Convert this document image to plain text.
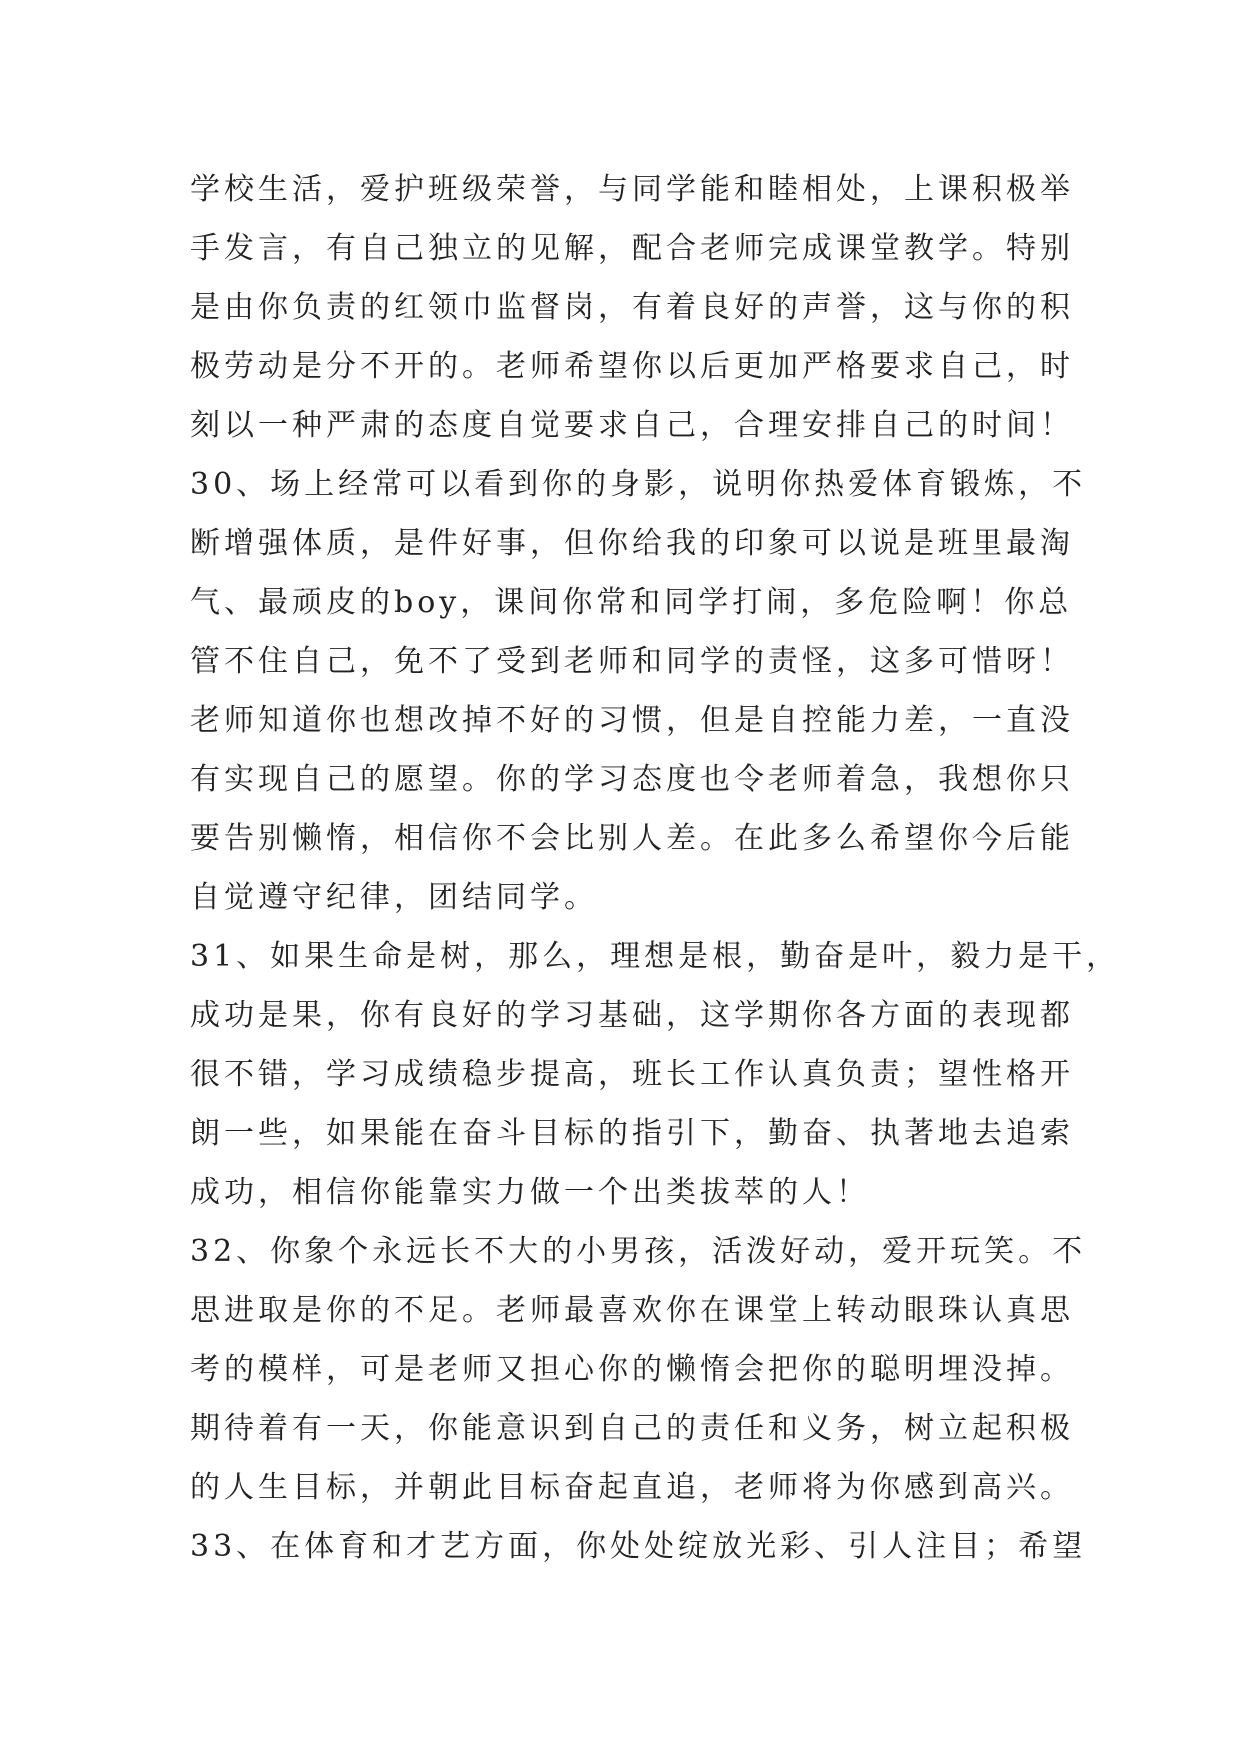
学校生活，爱护班级荣誉，与同学能和睦相处，上课积极举
手发言，有自己独立的见解，配合老师完成课堂教学。特别
是由你负责的红领巾监督岗，有着良好的声誉，这与你的积
极劳动是分不开的。老师希望你以后更加严格要求自己，时
刻以一种严肃的态度自觉要求自己，合理安排自己的时间！
30、场上经常可以看到你的身影，说明你热爱体育锻炼，不
断增强体质，是件好事，但你给我的印象可以说是班里最淘
气、最顽皮的boy，课间你常和同学打闹，多危险啊！你总
管不住自己，免不了受到老师和同学的责怪，这多可惜呀！
老师知道你也想改掉不好的习惯，但是自控能力差，一直没
有实现自己的愿望。你的学习态度也令老师着急，我想你只
要告别懒惰，相信你不会比别人差。在此多么希望你今后能
自觉遵守纪律，团结同学。
31、如果生命是树，那么，理想是根，勤奋是叶，毅力是干，
成功是果，你有良好的学习基础，这学期你各方面的表现都
很不错，学习成绩稳步提高，班长工作认真负责；望性格开
朗一些，如果能在奋斗目标的指引下，勤奋、执著地去追索
成功，相信你能靠实力做一个出类拔萃的人！
32、你象个永远长不大的小男孩，活泼好动，爱开玩笑。不
思进取是你的不足。老师最喜欢你在课堂上转动眼珠认真思
考的模样，可是老师又担心你的懒惰会把你的聪明埋没掉。
期待着有一天，你能意识到自己的责任和义务，树立起积极
的人生目标，并朝此目标奋起直追，老师将为你感到高兴。
33、在体育和才艺方面，你处处绽放光彩、引人注目；希望
